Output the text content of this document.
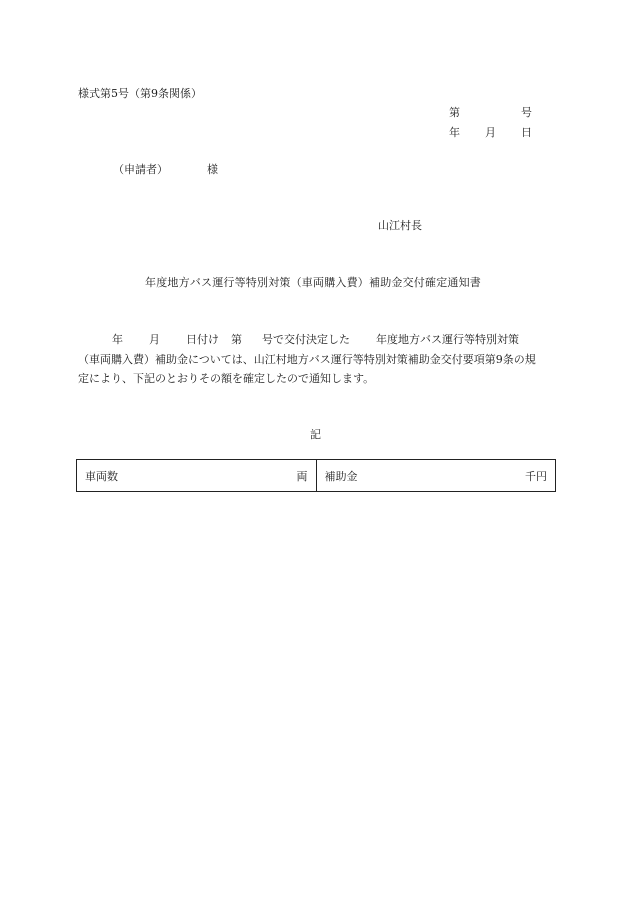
様式第5号（第9条関係）
第	号
年 月 日
（申請者）	様
山江村長
年度地方バス運行等特別対策（車両購入費）補助金交付確定通知書
年 月 日付け 第 号で交付決定した 年度地方バス運行等特別対策
（車両購入費）補助金については、山江村地方バス運行等特別対策補助金交付要項第9条の規
定により、下記のとおりその額を確定したので通知します。
記
車両数	両 補助金	千円
